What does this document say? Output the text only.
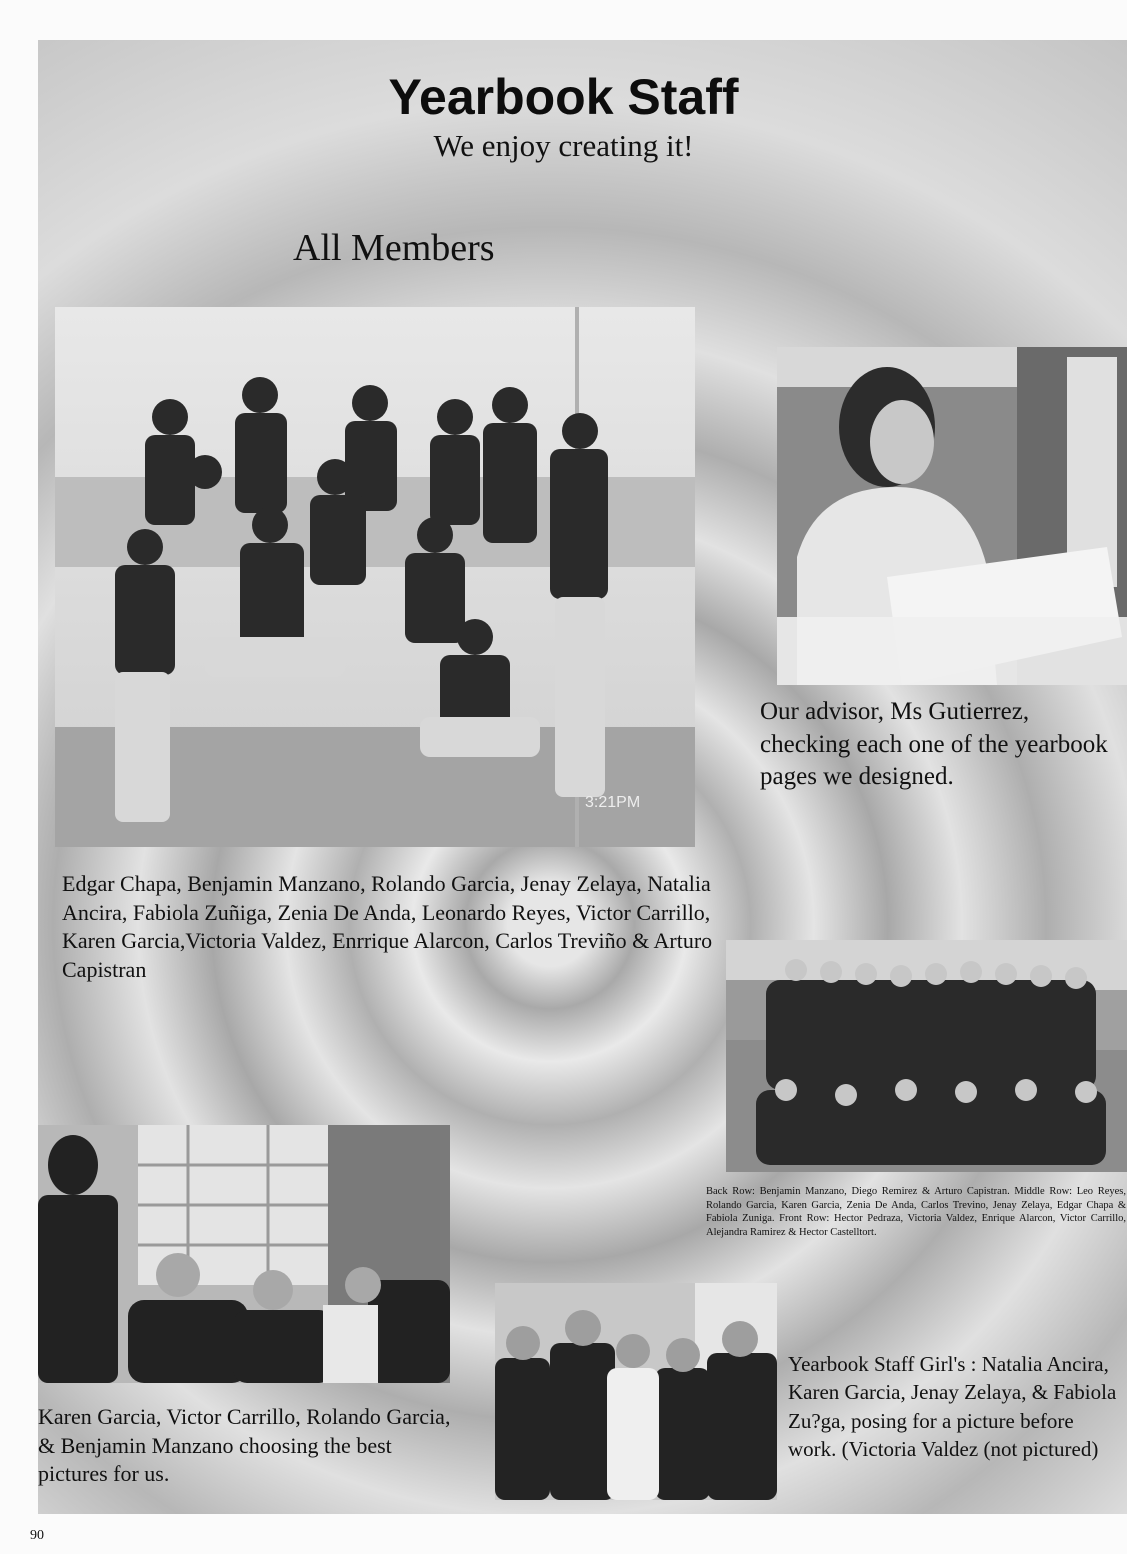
Yearbook Staff
We enjoy creating it!
All Members
3:21PM
Edgar Chapa, Benjamin Manzano, Rolando Garcia, Jenay Zelaya, Natalia Ancira, Fabiola Zuñiga, Zenia De Anda, Leonardo Reyes, Victor Carrillo, Karen Garcia,Victoria Valdez, Enrrique Alarcon, Carlos Treviño & Arturo Capistran
Our advisor, Ms Gutierrez, checking each one of the yearbook pages we designed.
Back Row: Benjamin Manzano, Diego Remirez & Arturo Capistran. Middle Row: Leo Reyes, Rolando Garcia, Karen Garcia, Zenia De Anda, Carlos Trevino, Jenay Zelaya, Edgar Chapa & Fabiola Zuniga. Front Row: Hector Pedraza, Victoria Valdez, Enrique Alarcon, Victor Carrillo, Alejandra Ramirez & Hector Castelltort.
Karen Garcia, Victor Carrillo, Rolando Garcia, & Benjamin Manzano choosing the best pictures for us.
Yearbook Staff Girl's : Natalia Ancira, Karen Garcia, Jenay Zelaya, & Fabiola Zu?ga, posing for a picture before work. (Victoria Valdez (not pictured)
90
